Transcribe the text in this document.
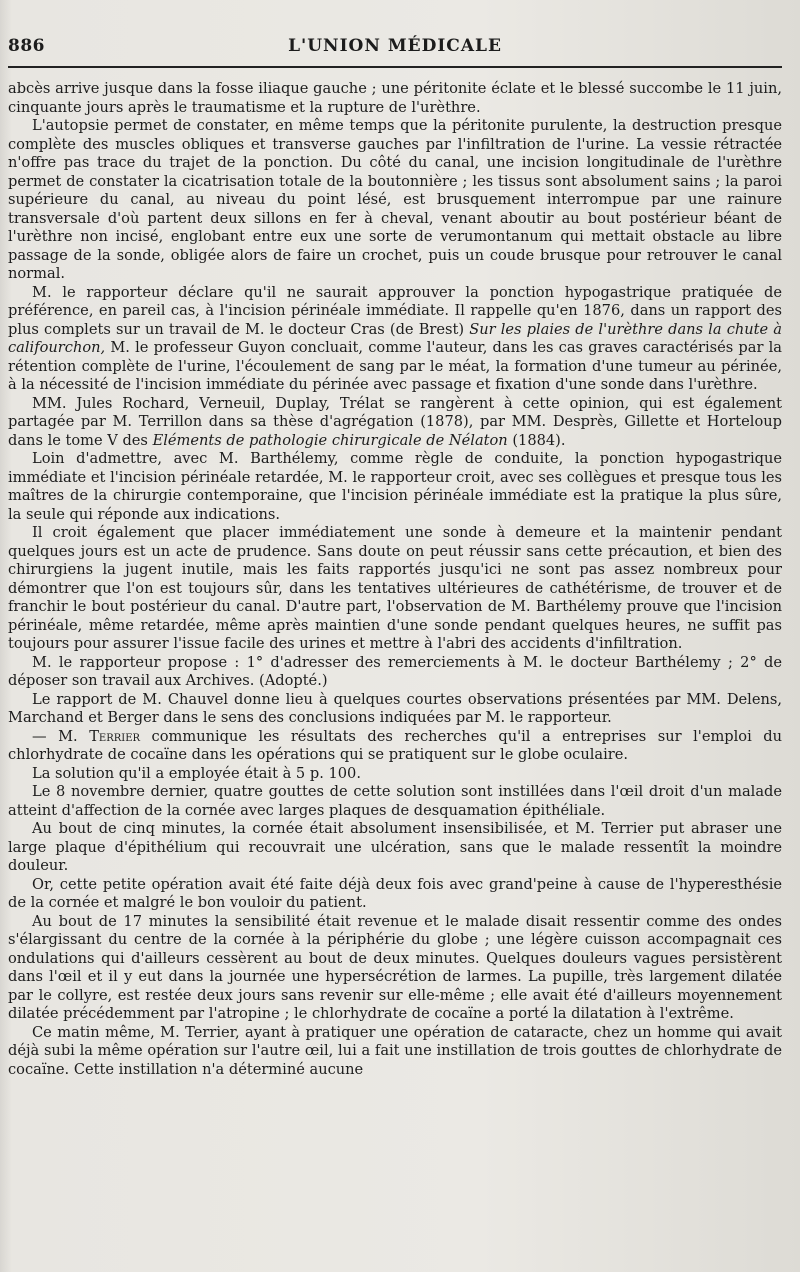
886	L'UNION MÉDICALE

abcès arrive jusque dans la fosse iliaque gauche ; une péritonite éclate et le blessé succombe le 11 juin, cinquante jours après le traumatisme et la rupture de l'urèthre.

L'autopsie permet de constater, en même temps que la péritonite purulente, la destruction presque complète des muscles obliques et transverse gauches par l'infiltration de l'urine. La vessie rétractée n'offre pas trace du trajet de la ponction. Du côté du canal, une incision longitudinale de l'urèthre permet de constater la cicatrisation totale de la boutonnière ; les tissus sont absolument sains ; la paroi supérieure du canal, au niveau du point lésé, est brusquement interrompue par une rainure transversale d'où partent deux sillons en fer à cheval, venant aboutir au bout postérieur béant de l'urèthre non incisé, englobant entre eux une sorte de verumontanum qui mettait obstacle au libre passage de la sonde, obligée alors de faire un crochet, puis un coude brusque pour retrouver le canal normal.

M. le rapporteur déclare qu'il ne saurait approuver la ponction hypogastrique pratiquée de préférence, en pareil cas, à l'incision périnéale immédiate. Il rappelle qu'en 1876, dans un rapport des plus complets sur un travail de M. le docteur Cras (de Brest) Sur les plaies de l'urèthre dans la chute à califourchon, M. le professeur Guyon concluait, comme l'auteur, dans les cas graves caractérisés par la rétention complète de l'urine, l'écoulement de sang par le méat, la formation d'une tumeur au périnée, à la nécessité de l'incision immédiate du périnée avec passage et fixation d'une sonde dans l'urèthre.

MM. Jules Rochard, Verneuil, Duplay, Trélat se rangèrent à cette opinion, qui est également partagée par M. Terrillon dans sa thèse d'agrégation (1878), par MM. Desprès, Gillette et Horteloup dans le tome V des Eléments de pathologie chirurgicale de Nélaton (1884).

Loin d'admettre, avec M. Barthélemy, comme règle de conduite, la ponction hypogastrique immédiate et l'incision périnéale retardée, M. le rapporteur croit, avec ses collègues et presque tous les maîtres de la chirurgie contemporaine, que l'incision périnéale immédiate est la pratique la plus sûre, la seule qui réponde aux indications.

Il croit également que placer immédiatement une sonde à demeure et la maintenir pendant quelques jours est un acte de prudence. Sans doute on peut réussir sans cette précaution, et bien des chirurgiens la jugent inutile, mais les faits rapportés jusqu'ici ne sont pas assez nombreux pour démontrer que l'on est toujours sûr, dans les tentatives ultérieures de cathétérisme, de trouver et de franchir le bout postérieur du canal. D'autre part, l'observation de M. Barthélemy prouve que l'incision périnéale, même retardée, même après maintien d'une sonde pendant quelques heures, ne suffit pas toujours pour assurer l'issue facile des urines et mettre à l'abri des accidents d'infiltration.

M. le rapporteur propose : 1° d'adresser des remerciements à M. le docteur Barthélemy ; 2° de déposer son travail aux Archives. (Adopté.)

Le rapport de M. Chauvel donne lieu à quelques courtes observations présentées par MM. Delens, Marchand et Berger dans le sens des conclusions indiquées par M. le rapporteur.

— M. Terrier communique les résultats des recherches qu'il a entreprises sur l'emploi du chlorhydrate de cocaïne dans les opérations qui se pratiquent sur le globe oculaire.

La solution qu'il a employée était à 5 p. 100.

Le 8 novembre dernier, quatre gouttes de cette solution sont instillées dans l'œil droit d'un malade atteint d'affection de la cornée avec larges plaques de desquamation épithéliale.

Au bout de cinq minutes, la cornée était absolument insensibilisée, et M. Terrier put abraser une large plaque d'épithélium qui recouvrait une ulcération, sans que le malade ressentît la moindre douleur.

Or, cette petite opération avait été faite déjà deux fois avec grand'peine à cause de l'hyperesthésie de la cornée et malgré le bon vouloir du patient.

Au bout de 17 minutes la sensibilité était revenue et le malade disait ressentir comme des ondes s'élargissant du centre de la cornée à la périphérie du globe ; une légère cuisson accompagnait ces ondulations qui d'ailleurs cessèrent au bout de deux minutes. Quelques douleurs vagues persistèrent dans l'œil et il y eut dans la journée une hypersécrétion de larmes. La pupille, très largement dilatée par le collyre, est restée deux jours sans revenir sur elle-même ; elle avait été d'ailleurs moyennement dilatée précédemment par l'atropine ; le chlorhydrate de cocaïne a porté la dilatation à l'extrême.

Ce matin même, M. Terrier, ayant à pratiquer une opération de cataracte, chez un homme qui avait déjà subi la même opération sur l'autre œil, lui a fait une instillation de trois gouttes de chlorhydrate de cocaïne. Cette instillation n'a déterminé aucune
